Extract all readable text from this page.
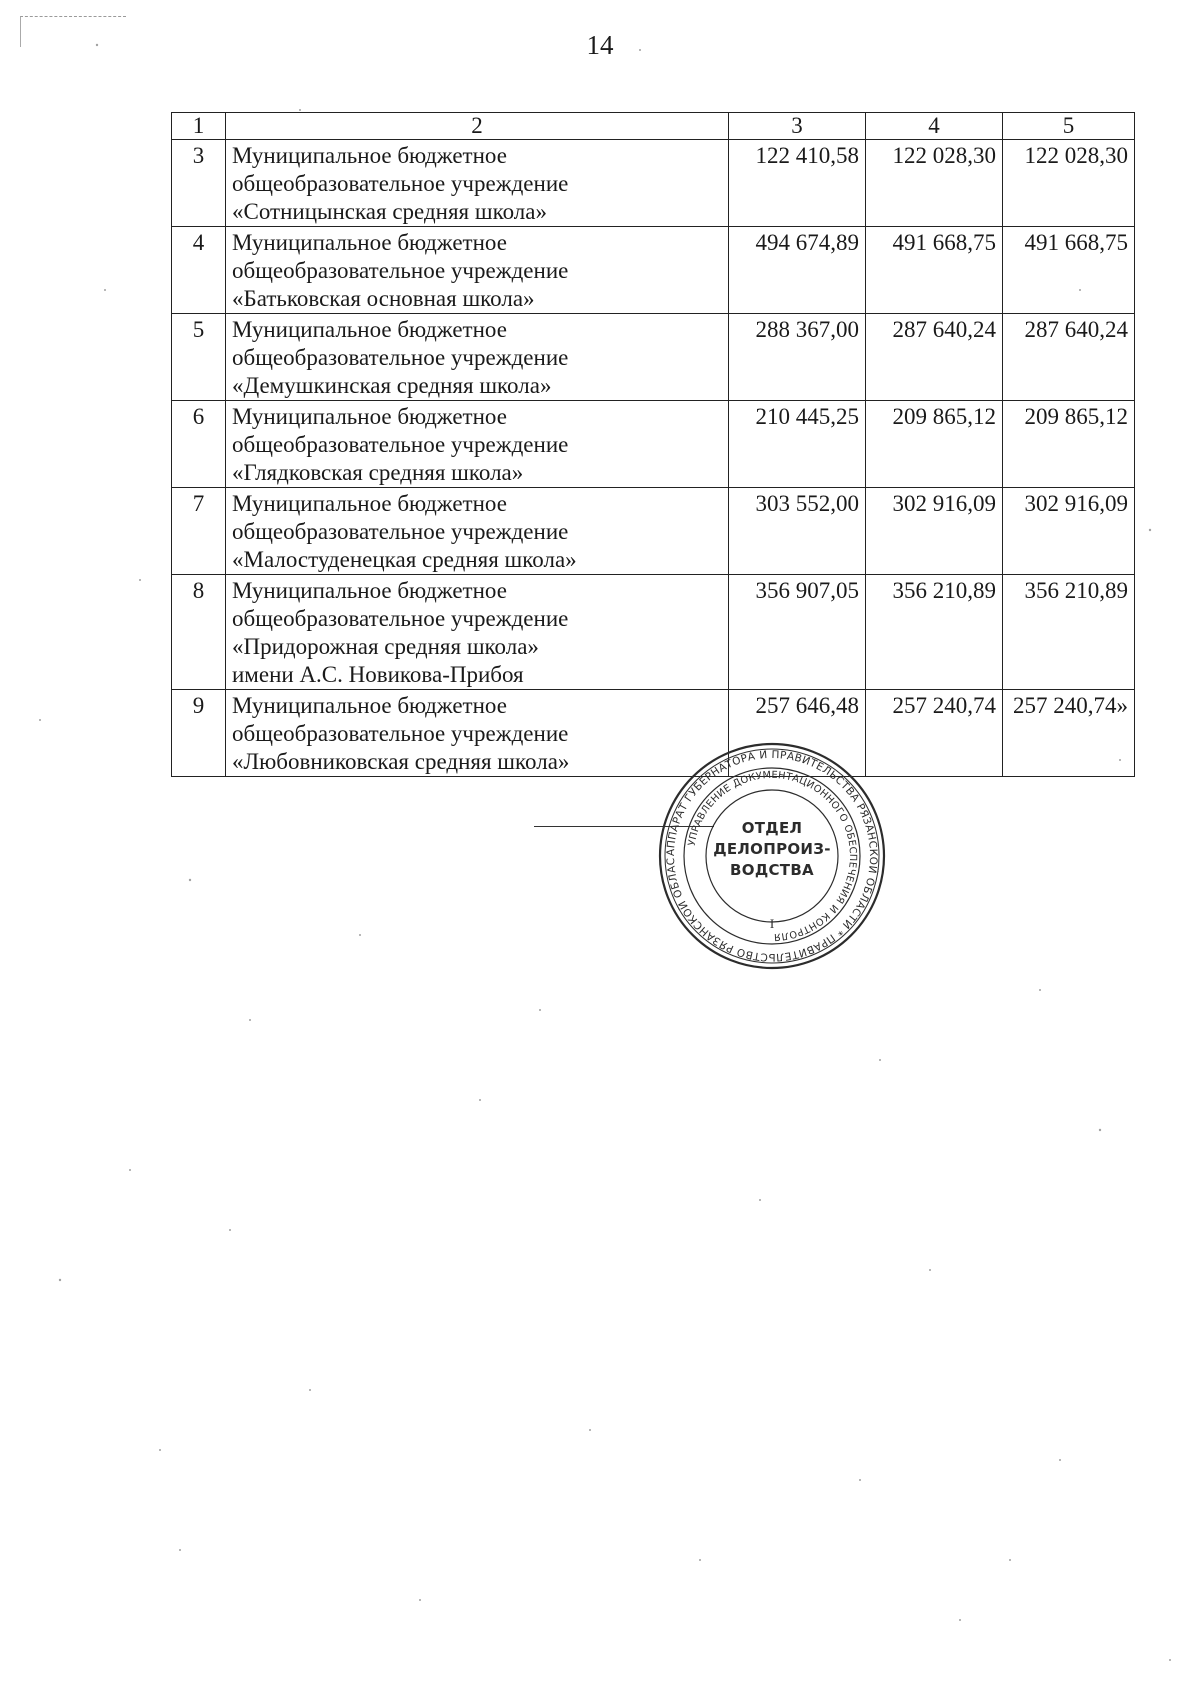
14
1	2	3	4	5
3	Муниципальное бюджетное
общеобразовательное учреждение
«Сотницынская средняя школа»	122 410,58	122 028,30	122 028,30
4	Муниципальное бюджетное
общеобразовательное учреждение
«Батьковская основная школа»	494 674,89	491 668,75	491 668,75
5	Муниципальное бюджетное
общеобразовательное учреждение
«Демушкинская средняя школа»	288 367,00	287 640,24	287 640,24
6	Муниципальное бюджетное
общеобразовательное учреждение
«Глядковская средняя школа»	210 445,25	209 865,12	209 865,12
7	Муниципальное бюджетное
общеобразовательное учреждение
«Малостуденецкая средняя школа»	303 552,00	302 916,09	302 916,09
8	Муниципальное бюджетное
общеобразовательное учреждение
«Придорожная средняя школа»
имени А.С. Новикова-Прибоя	356 907,05	356 210,89	356 210,89
9	Муниципальное бюджетное
общеобразовательное учреждение
«Любовниковская средняя школа»	257 646,48	257 240,74	257 240,74»
АППАРАТ ГУБЕРНАТОРА И ПРАВИТЕЛЬСТВА РЯЗАНСКОЙ ОБЛАСТИ * ПРАВИТЕЛЬСТВО РЯЗАНСКОЙ ОБЛАС
УПРАВЛЕНИЕ ДОКУМЕНТАЦИОННОГО ОБЕСПЕЧЕНИЯ И КОНТРОЛЯ
ОТДЕЛ
ДЕЛОПРОИЗ-
ВОДСТВА
I
